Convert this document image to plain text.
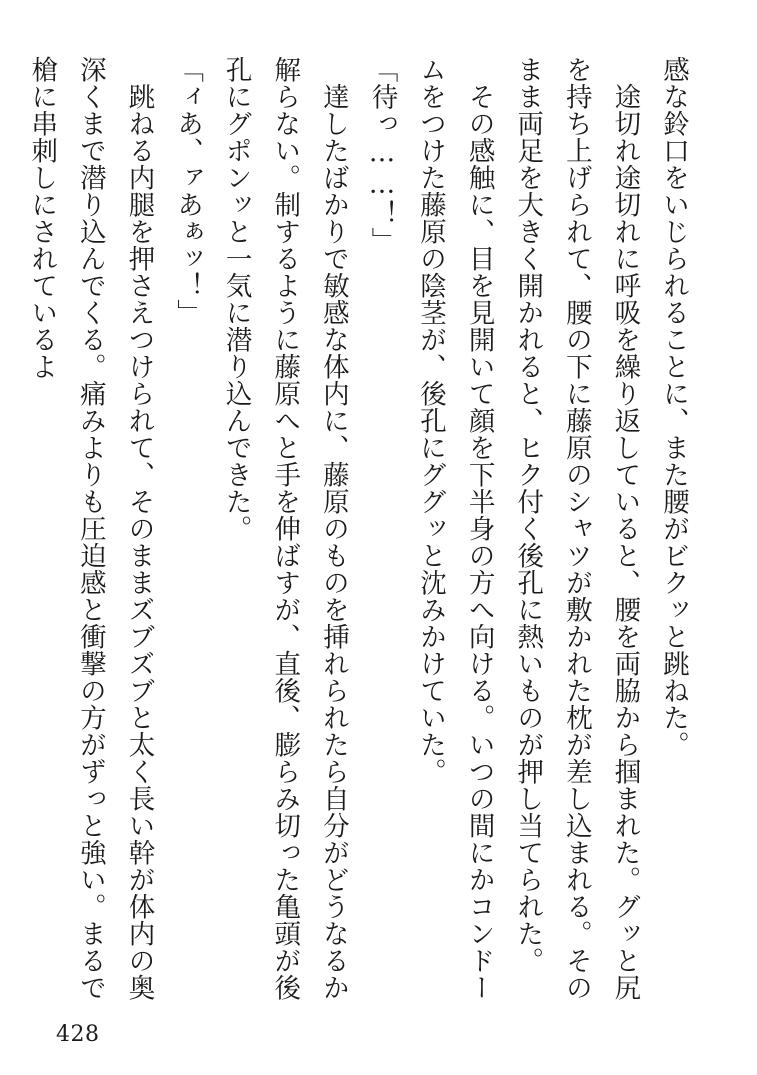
感な鈴口をいじられることに、また腰がビクッと跳ねた。

途切れ途切れに呼吸を繰り返していると、腰を両脇から掴まれた。グッと尻を持ち上げられて、腰の下に藤原のシャツが敷かれた枕が差し込まれる。そのまま両足を大きく開かれると、ヒク付く後孔に熱いものが押し当てられた。

その感触に、目を見開いて顔を下半身の方へ向ける。いつの間にかコンドームをつけた藤原の陰茎が、後孔にググッと沈みかけていた。

「待っ……！」

達したばかりで敏感な体内に、藤原のものを挿れられたら自分がどうなるか解らない。制するように藤原へと手を伸ばすが、直後、膨らみ切った亀頭が後孔にグポンッと一気に潜り込んできた。

「ィあ、ァあぁッ！」

跳ねる内腿を押さえつけられて、そのままズブズブと太く長い幹が体内の奥深くまで潜り込んでくる。痛みよりも圧迫感と衝撃の方がずっと強い。まるで槍に串刺しにされているよ

428
